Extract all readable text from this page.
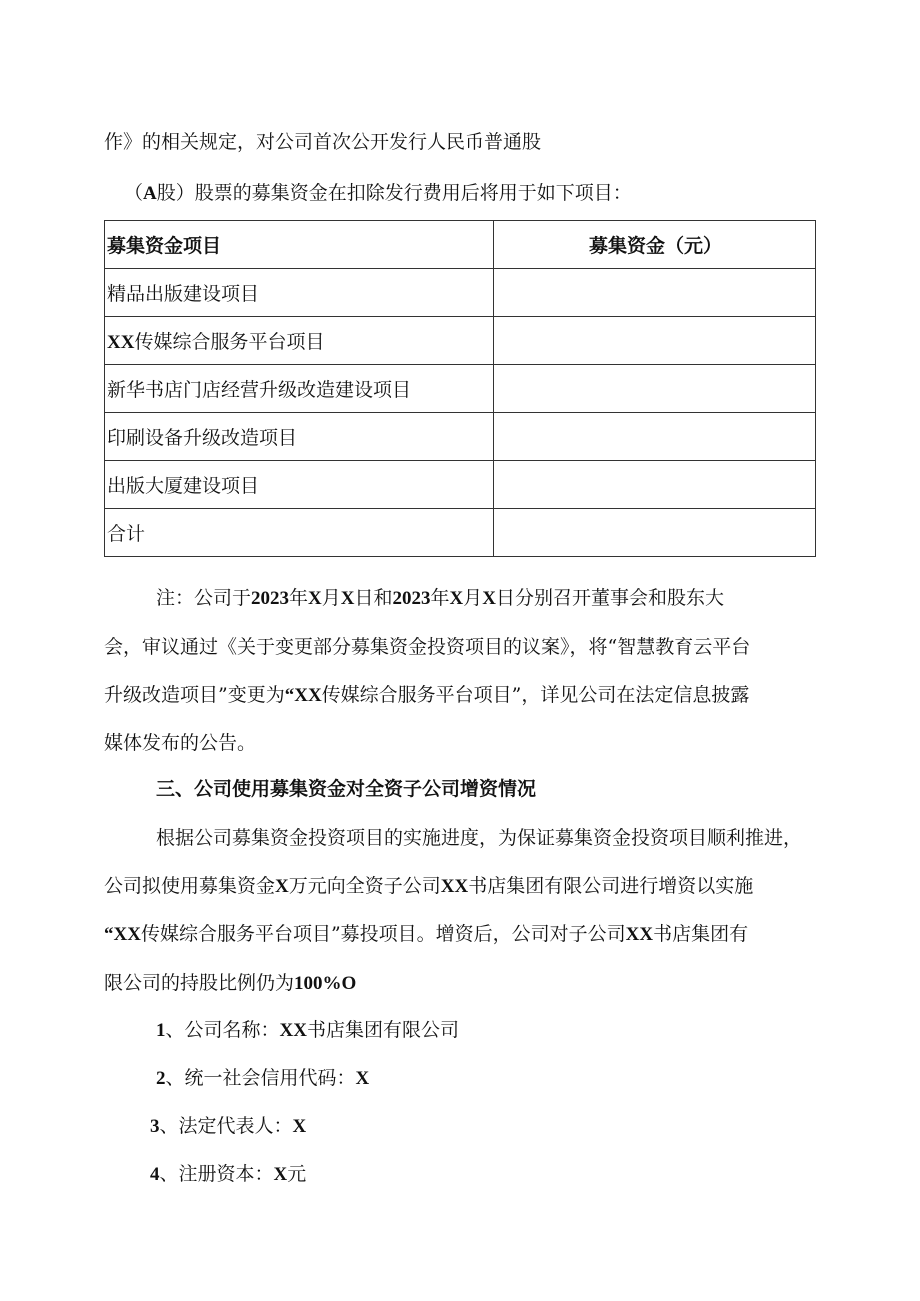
作》的相关规定，对公司首次公开发行人民币普通股
（A股）股票的募集资金在扣除发行费用后将用于如下项目：
募集资金项目	募集资金（元）
精品出版建设项目	
XX传媒综合服务平台项目	
新华书店门店经营升级改造建设项目	
印刷设备升级改造项目	
出版大厦建设项目	
合计	
注：公司于2023年X月X日和2023年X月X日分别召开董事会和股东大
会，审议通过《关于变更部分募集资金投资项目的议案》，将“智慧教育云平台
升级改造项目”变更为“XX传媒综合服务平台项目”，详见公司在法定信息披露
媒体发布的公告。
三、公司使用募集资金对全资子公司增资情况
根据公司募集资金投资项目的实施进度，为保证募集资金投资项目顺利推进，
公司拟使用募集资金X万元向全资子公司XX书店集团有限公司进行增资以实施
“XX传媒综合服务平台项目”募投项目。增资后，公司对子公司XX书店集团有
限公司的持股比例仍为100%O
1、公司名称：XX书店集团有限公司
2、统一社会信用代码：X
3、法定代表人：X
4、注册资本：X元
